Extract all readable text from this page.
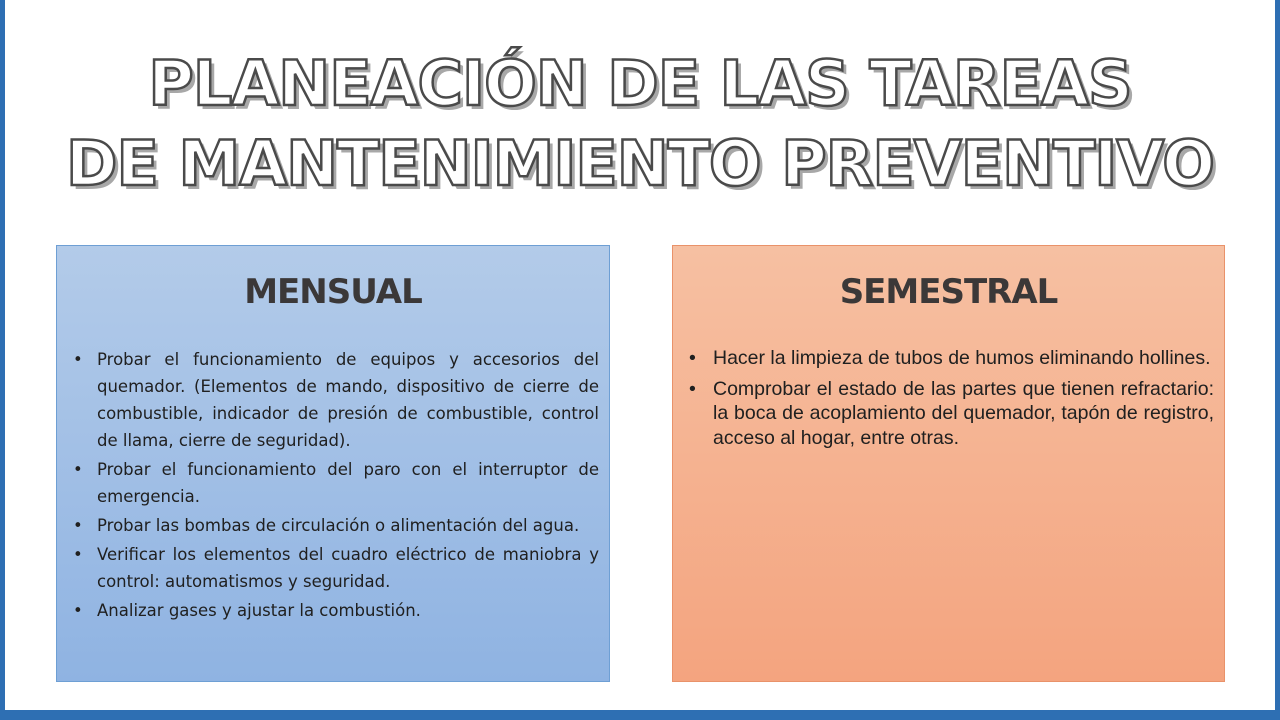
PLANEACIÓN DE LAS TAREAS
DE MANTENIMIENTO PREVENTIVO
MENSUAL
• Probar el funcionamiento de equipos y accesorios del quemador. (Elementos de mando, dispositivo de cierre de combustible, indicador de presión de combustible, control de llama, cierre de seguridad).
• Probar el funcionamiento del paro con el interruptor de emergencia.
• Probar las bombas de circulación o alimentación del agua.
• Verificar los elementos del cuadro eléctrico de maniobra y control: automatismos y seguridad.
• Analizar gases y ajustar la combustión.
SEMESTRAL
• Hacer la limpieza de tubos de humos eliminando hollines.
• Comprobar el estado de las partes que tienen refractario: la boca de acoplamiento del quemador, tapón de registro, acceso al hogar, entre otras.
